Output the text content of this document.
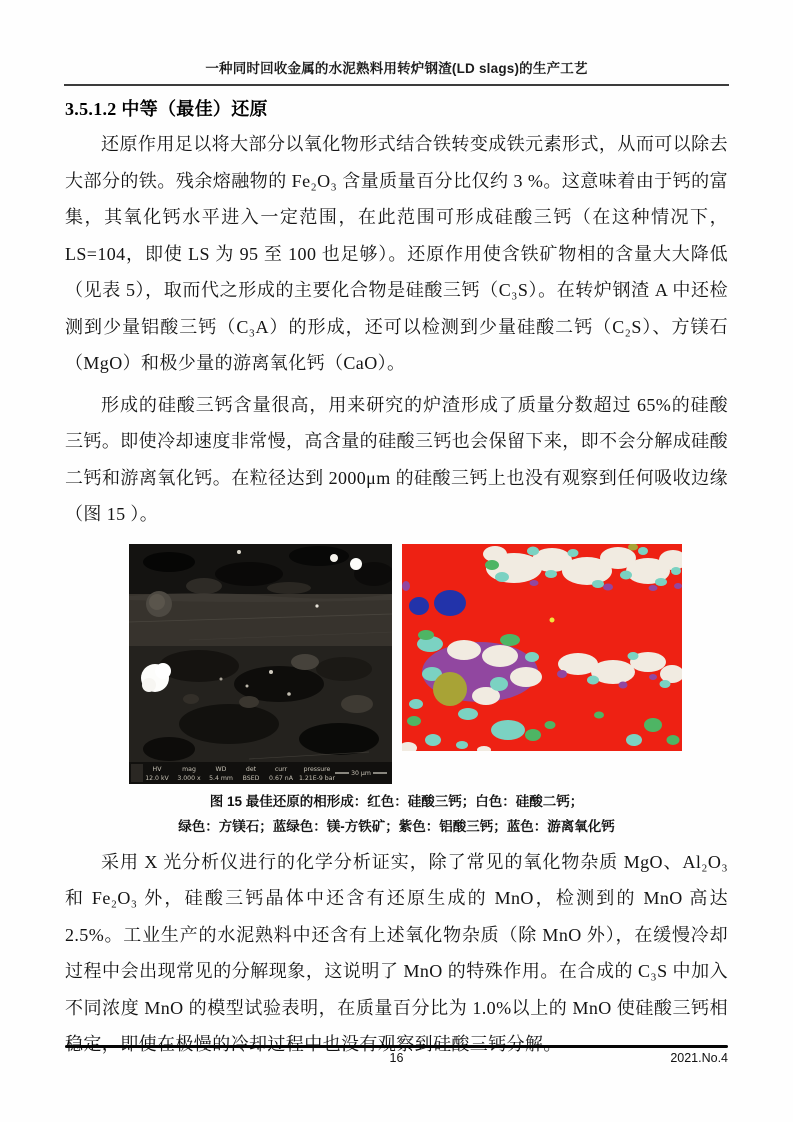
一种同时回收金属的水泥熟料用转炉钢渣(LD slags)的生产工艺
3.5.1.2 中等（最佳）还原

还原作用足以将大部分以氧化物形式结合铁转变成铁元素形式，从而可以除去大部分的铁。残余熔融物的 Fe₂O₃ 含量质量百分比仅约 3 %。这意味着由于钙的富集，其氧化钙水平进入一定范围，在此范围可形成硅酸三钙（在这种情况下，LS=104，即使 LS 为 95 至 100 也足够）。还原作用使含铁矿物相的含量大大降低（见表 5），取而代之形成的主要化合物是硅酸三钙（C₃S）。在转炉钢渣 A 中还检测到少量铝酸三钙（C₃A）的形成，还可以检测到少量硅酸二钙（C₂S）、方镁石（MgO）和极少量的游离氧化钙（CaO）。

形成的硅酸三钙含量很高，用来研究的炉渣形成了质量分数超过 65%的硅酸三钙。即使冷却速度非常慢，高含量的硅酸三钙也会保留下来，即不会分解成硅酸二钙和游离氧化钙。在粒径达到 2000μm 的硅酸三钙上也没有观察到任何吸收边缘（图 15 ）。

HV	mag	WD	det	curr	pressure
12.0 kV 3.000 x 5.4 mm BSED 0.67 nA 1.21E-9 bar
30 μm
图 15 最佳还原的相形成：红色：硅酸三钙；白色：硅酸二钙；
绿色：方镁石；蓝绿色：镁-方铁矿；紫色：铝酸三钙；蓝色：游离氧化钙

采用 X 光分析仪进行的化学分析证实，除了常见的氧化物杂质 MgO、Al₂O₃ 和 Fe₂O₃ 外，硅酸三钙晶体中还含有还原生成的 MnO，检测到的 MnO 高达 2.5%。工业生产的水泥熟料中还含有上述氧化物杂质（除 MnO 外），在缓慢冷却过程中会出现常见的分解现象，这说明了 MnO 的特殊作用。在合成的 C₃S 中加入不同浓度 MnO 的模型试验表明，在质量百分比为 1.0%以上的 MnO 使硅酸三钙相稳定，即使在极慢的冷却过程中也没有观察到硅酸三钙分解。

16	2021.No.4
